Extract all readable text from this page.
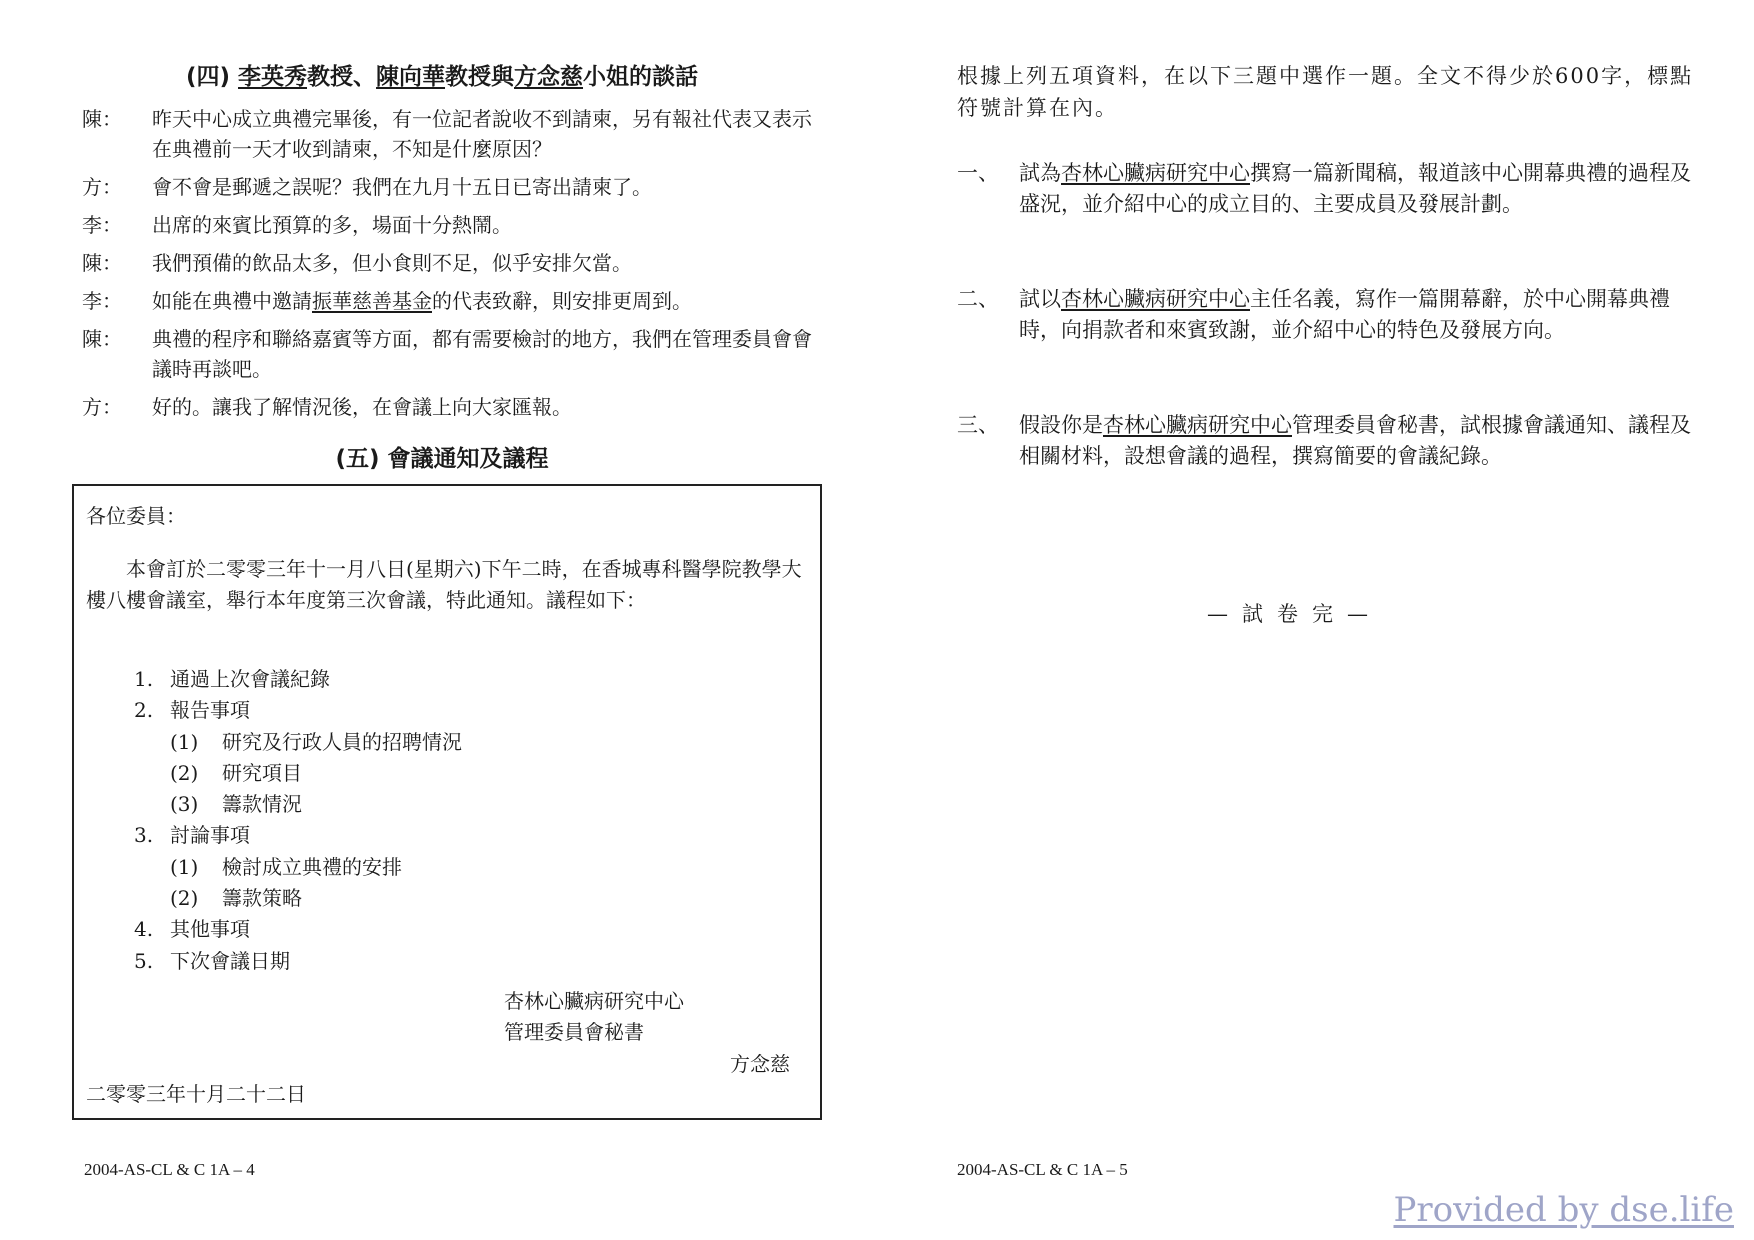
(四) 李英秀教授、陳向華教授與方念慈小姐的談話
陳 ：	昨天中心成立典禮完畢後，有一位記者說收不到請柬，另有報社代表又表示在典禮前一天才收到請柬，不知是什麼原因？
方 ：	會不會是郵遞之誤呢？我們在九月十五日已寄出請柬了。
李 ：	出席的來賓比預算的多，場面十分熱鬧。
陳 ：	我們預備的飲品太多，但小食則不足，似乎安排欠當。
李 ：	如能在典禮中邀請振華慈善基金的代表致辭，則安排更周到。
陳 ：	典禮的程序和聯絡嘉賓等方面，都有需要檢討的地方，我們在管理委員會會議時再談吧。
方 ：	好的。讓我了解情況後，在會議上向大家匯報。
(五) 會議通知及議程
各位委員：
本會訂於二零零三年十一月八日(星期六)下午二時，在香城專科醫學院教學大樓八樓會議室，舉行本年度第三次會議，特此通知。議程如下：
1. 通過上次會議紀錄
2. 報告事項
(1)	研究及行政人員的招聘情況
(2)	研究項目
(3)	籌款情況
3. 討論事項
(1)	檢討成立典禮的安排
(2)	籌款策略
4. 其他事項
5. 下次會議日期
杏林心臟病研究中心
管理委員會秘書
方念慈
二零零三年十月二十二日
2004-AS-CL & C 1A – 4
根據上列五項資料，在以下三題中選作一題。全文不得少於600字，標點符號計算在內。
一、 試為杏林心臟病研究中心撰寫一篇新聞稿，報道該中心開幕典禮的過程及盛況，並介紹中心的成立目的、主要成員及發展計劃。
二、 試以杏林心臟病研究中心主任名義，寫作一篇開幕辭，於中心開幕典禮時，向捐款者和來賓致謝，並介紹中心的特色及發展方向。
三、 假設你是杏林心臟病研究中心管理委員會秘書，試根據會議通知、議程及相關材料，設想會議的過程，撰寫簡要的會議紀錄。
—試卷完—
2004-AS-CL & C 1A – 5
Provided by dse.life
